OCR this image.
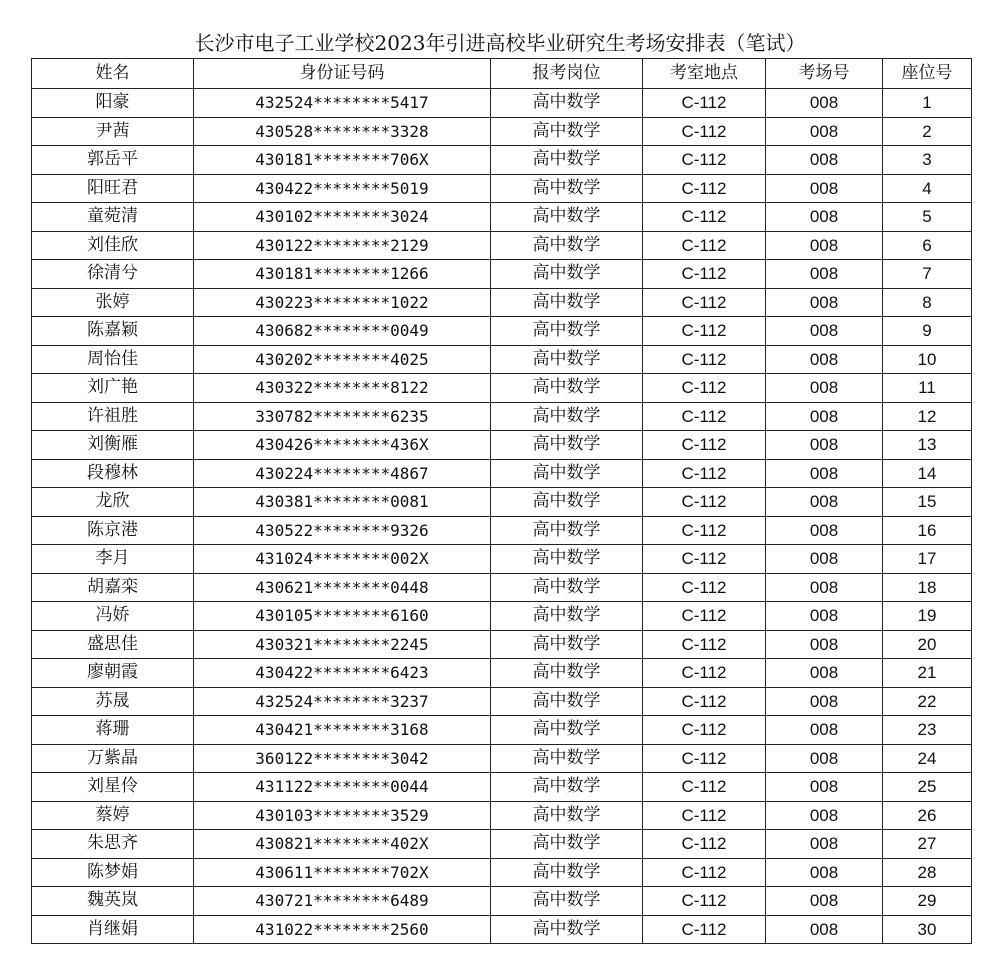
长沙市电子工业学校2023年引进高校毕业研究生考场安排表（笔试）
姓名	身份证号码	报考岗位	考室地点	考场号	座位号
阳豪	432524********5417	高中数学	C-112	008	1
尹茜	430528********3328	高中数学	C-112	008	2
郭岳平	430181********706X	高中数学	C-112	008	3
阳旺君	430422********5019	高中数学	C-112	008	4
童菀清	430102********3024	高中数学	C-112	008	5
刘佳欣	430122********2129	高中数学	C-112	008	6
徐清兮	430181********1266	高中数学	C-112	008	7
张婷	430223********1022	高中数学	C-112	008	8
陈嘉颖	430682********0049	高中数学	C-112	008	9
周怡佳	430202********4025	高中数学	C-112	008	10
刘广艳	430322********8122	高中数学	C-112	008	11
许祖胜	330782********6235	高中数学	C-112	008	12
刘衡雁	430426********436X	高中数学	C-112	008	13
段穆林	430224********4867	高中数学	C-112	008	14
龙欣	430381********0081	高中数学	C-112	008	15
陈京港	430522********9326	高中数学	C-112	008	16
李月	431024********002X	高中数学	C-112	008	17
胡嘉栾	430621********0448	高中数学	C-112	008	18
冯娇	430105********6160	高中数学	C-112	008	19
盛思佳	430321********2245	高中数学	C-112	008	20
廖朝霞	430422********6423	高中数学	C-112	008	21
苏晟	432524********3237	高中数学	C-112	008	22
蒋珊	430421********3168	高中数学	C-112	008	23
万紫晶	360122********3042	高中数学	C-112	008	24
刘星伶	431122********0044	高中数学	C-112	008	25
蔡婷	430103********3529	高中数学	C-112	008	26
朱思齐	430821********402X	高中数学	C-112	008	27
陈梦娟	430611********702X	高中数学	C-112	008	28
魏英岚	430721********6489	高中数学	C-112	008	29
肖继娟	431022********2560	高中数学	C-112	008	30
